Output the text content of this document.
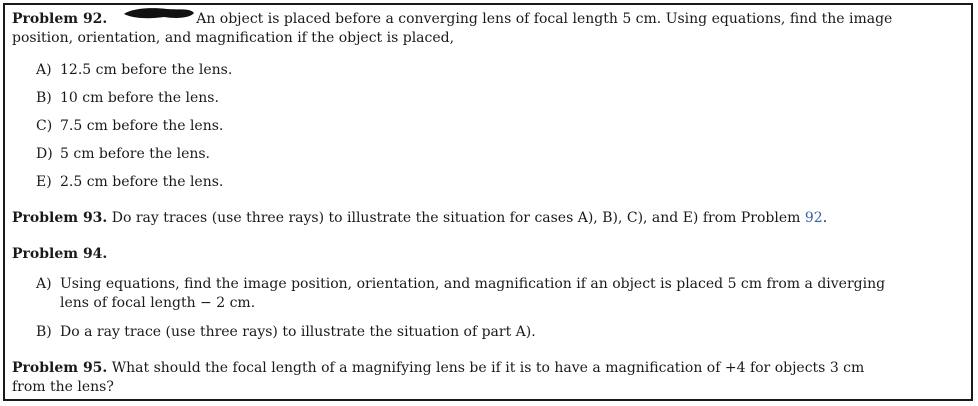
Problem 92.	An object is placed before a converging lens of focal length 5 cm. Using equations, find the image
position, orientation, and magnification if the object is placed,
A) 12.5 cm before the lens.
B) 10 cm before the lens.
C) 7.5 cm before the lens.
D) 5 cm before the lens.
E) 2.5 cm before the lens.
Problem 93. Do ray traces (use three rays) to illustrate the situation for cases A), B), C), and E) from Problem 92.
Problem 94.
A) Using equations, find the image position, orientation, and magnification if an object is placed 5 cm from a diverging
lens of focal length − 2 cm.
B) Do a ray trace (use three rays) to illustrate the situation of part A).
Problem 95. What should the focal length of a magnifying lens be if it is to have a magnification of +4 for objects 3 cm
from the lens?
